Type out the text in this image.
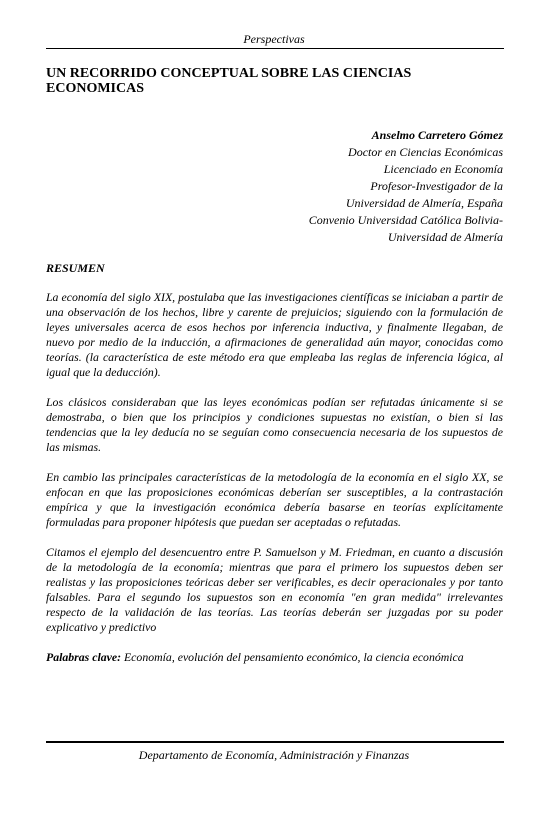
Perspectivas
UN RECORRIDO CONCEPTUAL SOBRE LAS CIENCIAS ECONOMICAS
Anselmo Carretero Gómez
Doctor en Ciencias Económicas
Licenciado en Economía
Profesor-Investigador de la
Universidad de Almería, España
Convenio Universidad Católica Bolivia-
Universidad de Almería
RESUMEN

La economía del siglo XIX, postulaba que las investigaciones científicas se iniciaban a partir de una observación de los hechos, libre y carente de prejuicios; siguiendo con la formulación de leyes universales acerca de esos hechos por inferencia inductiva, y finalmente llegaban, de nuevo por medio de la inducción, a afirmaciones de generalidad aún mayor, conocidas como teorías. (la característica de este método era que empleaba las reglas de inferencia lógica, al igual que la deducción).

Los clásicos consideraban que las leyes económicas podían ser refutadas únicamente si se demostraba, o bien que los principios y condiciones supuestas no existían, o bien si las tendencias que la ley deducía no se seguían como consecuencia necesaria de los supuestos de las mismas.

En cambio las principales características de la metodología de la economía en el siglo XX, se enfocan en que las proposiciones económicas deberían ser susceptibles, a la contrastación empírica y que la investigación económica debería basarse en teorías explícitamente formuladas para proponer hipótesis que puedan ser aceptadas o refutadas.

Citamos el ejemplo del desencuentro entre P. Samuelson y M. Friedman, en cuanto a discusión de la metodología de la economía; mientras que para el primero los supuestos deben ser realistas y las proposiciones teóricas deber ser verificables, es decir operacionales y por tanto falsables. Para el segundo los supuestos son en economía "en gran medida" irrelevantes respecto de la validación de las teorías. Las teorías deberán ser juzgadas por su poder explicativo y predictivo

Palabras clave: Economía, evolución del pensamiento económico, la ciencia económica

Departamento de Economía, Administración y Finanzas
